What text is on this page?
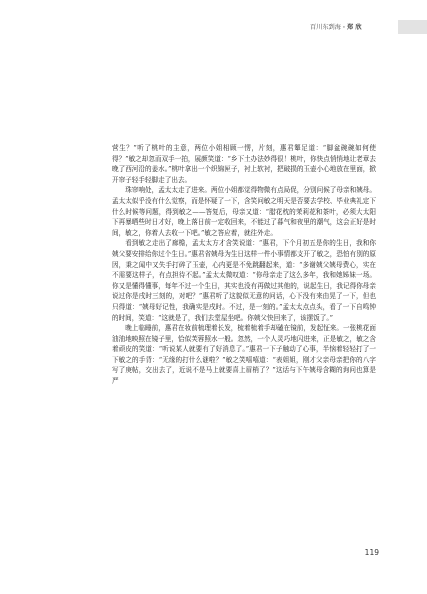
百川东到海 · 郑 欣

营生？”听了桃叶的主意，两位小姐相顾一愣，片刻，惠君颦足道：“脚盆碗碗如何使得？”敏之却忽而双手一拍，展颜笑道：“乡下土办法妙得很！桃叶，你快点悄悄地让老章去晚了西河沿的姜水。”桃叶拿出一个织锦匣子，衬上软衬，把破损的玉壶小心地放在里面，掀开帘子轻手轻脚走了出去。

珠帘响处，孟太太走了进来。两位小姐都觉得物微有点局促，分别问候了母亲和姨母。孟太太似乎没有什么觉察，而是怀疑了一下，含笑问敏之明天是否要去学校、毕业典礼定下什么时候等问题，得到敏之——答复后，母亲又道：“腊花枕的茉莉花和茶叶，必须大太阳下再暴晒些时日才好，晚上落日前一定收回来，不能过了暮气和夜里的潮气，这会正好是时间，敏之，你着人去收一下吧。”敏之答应着，就往外走。

看到敏之走出了廊檐，孟太太方才含笑说道：“惠君，下个月初五是你的生日，我和你姨父要安排给你过个生日。”惠君省姨母为生日这样一件小事情都支开了敏之，恐怕有别的原因，秉之闻中又失手打碎了玉壶，心内更是不免跳翻起来，道：“多谢姨父姨母费心，实在不需要这样子，有点担待不起。”孟太太微叹道：“你母亲走了这么多年，我和她姊妹一场。你又是懂得懂事，每年不过一个生日，其实也没有再做过其他的，说起生日，我记得你母亲说过你是戌时三刻的，对吧？”惠君听了这貌似无意的问话，心下没有来由晃了一下，但也只得道：“姨母好记性，我确实是戌时。不过，是一刻的。”孟太太点点头，看了一下自鸣钟的时间，笑道：“这就是了，我们去堂屋坐吧。你姨父快回来了，该摆饭了。”

晚上临睡前，惠君在妆前梳理着长发，梳着梳着手却磕在镜前，发起怔来。一张桃花面油油地映照在镜子里，恰似芙蓉照水一般。忽然，一个人灵巧地闪进来，正是敏之，敏之含着顽皮的笑道：“听说某人就要有了好消息了。”惠君一下子触动了心事，半恼着轻轻打了一下敏之的手背：“无缘的打什么谜啦？”敏之笑嘻嘻道：“表姐姐，刚才父亲母亲把你的八字写了庚帖，交出去了，近说不是马上就要喜上眉梢了？”这话与下午姨母含糊的询问也算是严

119
